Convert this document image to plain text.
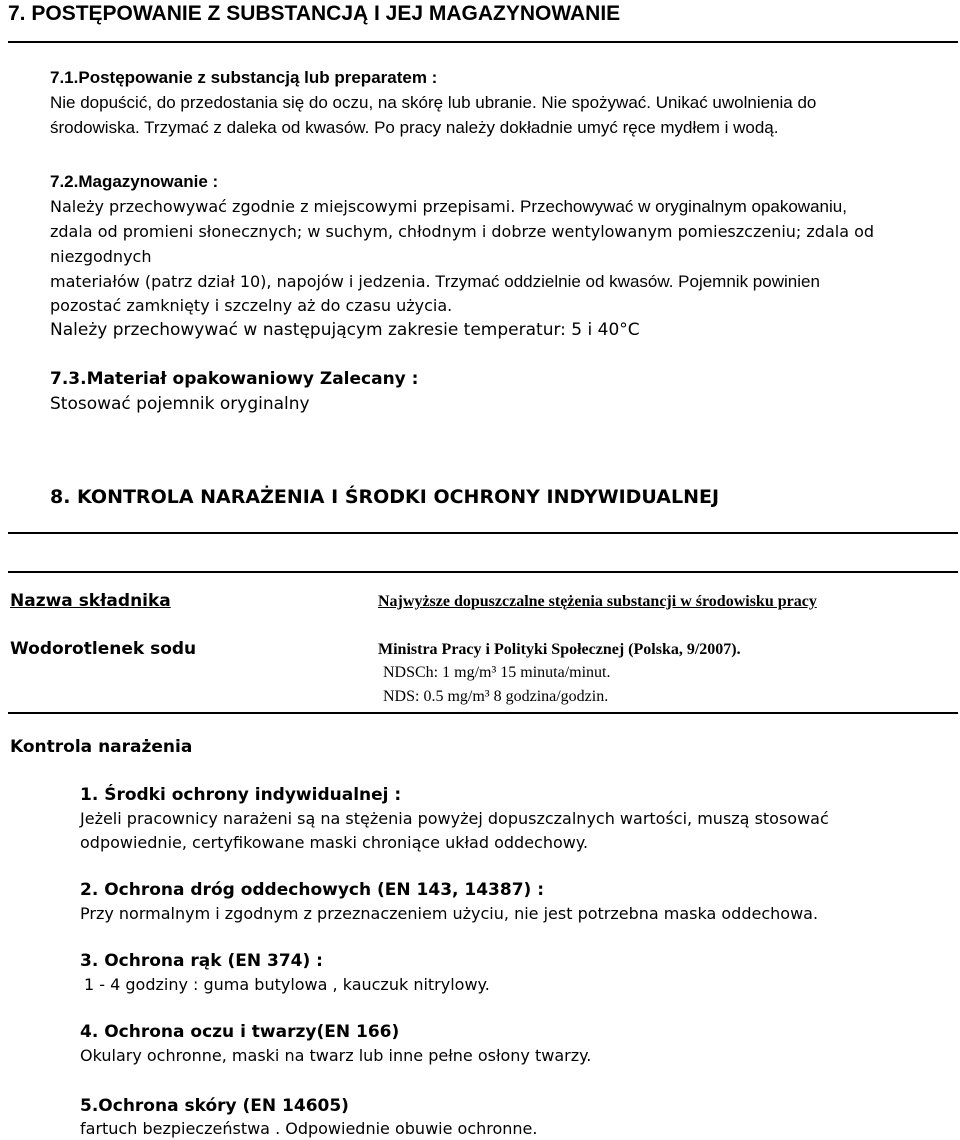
7. POSTĘPOWANIE Z SUBSTANCJĄ I JEJ MAGAZYNOWANIE
7.1.Postępowanie z substancją lub preparatem :
Nie dopuścić, do przedostania się do oczu, na skórę lub ubranie. Nie spożywać. Unikać uwolnienia do
środowiska. Trzymać z daleka od kwasów. Po pracy należy dokładnie umyć ręce mydłem i wodą.
7.2.Magazynowanie :
Należy przechowywać zgodnie z miejscowymi przepisami. Przechowywać w oryginalnym opakowaniu,
zdala od promieni słonecznych; w suchym, chłodnym i dobrze wentylowanym pomieszczeniu; zdala od
niezgodnych
materiałów (patrz dział 10), napojów i jedzenia. Trzymać oddzielnie od kwasów. Pojemnik powinien
pozostać zamknięty i szczelny aż do czasu użycia.
Należy przechowywać w następującym zakresie temperatur: 5 i 40°C
7.3.Materiał opakowaniowy Zalecany :
Stosować pojemnik oryginalny
8. KONTROLA NARAŻENIA I ŚRODKI OCHRONY INDYWIDUALNEJ
Nazwa składnika	Najwyższe dopuszczalne stężenia substancji w środowisku pracy
Wodorotlenek sodu	Ministra Pracy i Polityki Społecznej (Polska, 9/2007).
NDSCh: 1 mg/m³ 15 minuta/minut.
NDS: 0.5 mg/m³ 8 godzina/godzin.
Kontrola narażenia
1. Środki ochrony indywidualnej :
Jeżeli pracownicy narażeni są na stężenia powyżej dopuszczalnych wartości, muszą stosować
odpowiednie, certyfikowane maski chroniące układ oddechowy.
2. Ochrona dróg oddechowych (EN 143, 14387) :
Przy normalnym i zgodnym z przeznaczeniem użyciu, nie jest potrzebna maska oddechowa.
3. Ochrona rąk (EN 374) :
1 - 4 godziny : guma butylowa , kauczuk nitrylowy.
4. Ochrona oczu i twarzy(EN 166)
Okulary ochronne, maski na twarz lub inne pełne osłony twarzy.
5.Ochrona skóry (EN 14605)
fartuch bezpieczeństwa . Odpowiednie obuwie ochronne.
